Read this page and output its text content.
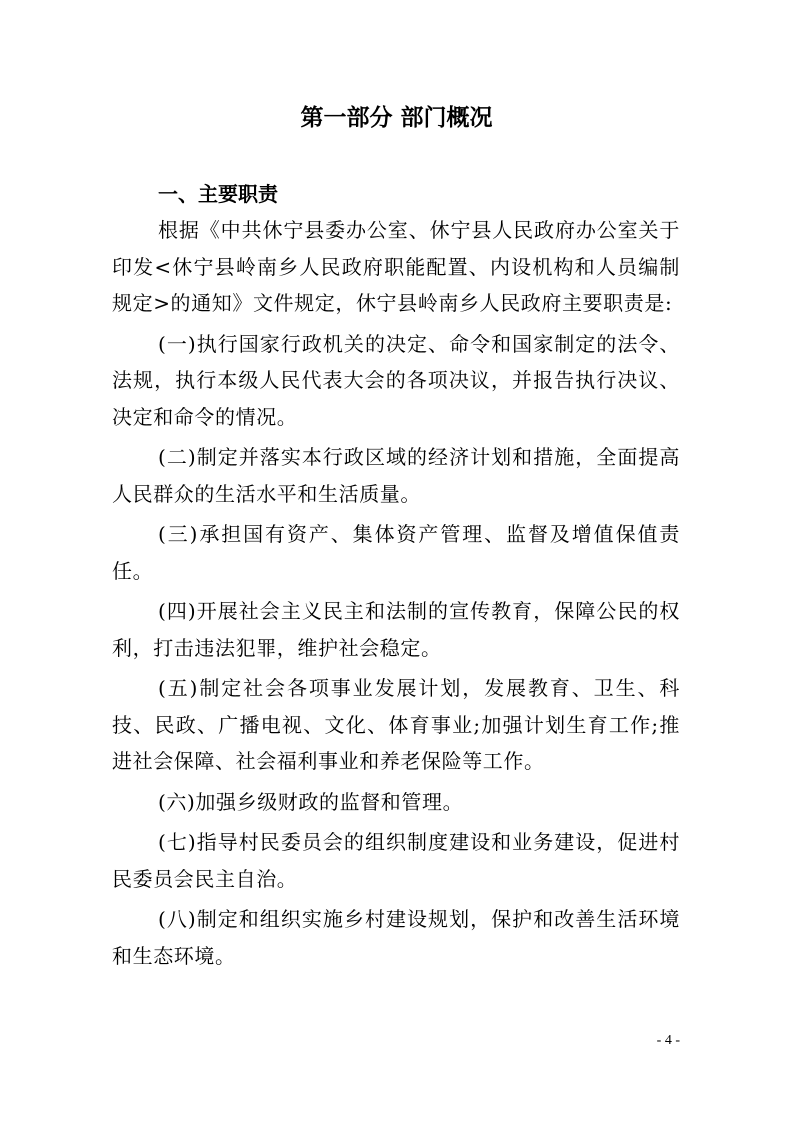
第一部分 部门概况
一、主要职责

根据《中共休宁县委办公室、休宁县人民政府办公室关于印发<休宁县岭南乡人民政府职能配置、内设机构和人员编制规定>的通知》文件规定，休宁县岭南乡人民政府主要职责是:

(一)执行国家行政机关的决定、命令和国家制定的法令、法规，执行本级人民代表大会的各项决议，并报告执行决议、决定和命令的情况。

(二)制定并落实本行政区域的经济计划和措施，全面提高人民群众的生活水平和生活质量。

(三)承担国有资产、集体资产管理、监督及增值保值责任。

(四)开展社会主义民主和法制的宣传教育，保障公民的权利，打击违法犯罪，维护社会稳定。

(五)制定社会各项事业发展计划，发展教育、卫生、科技、民政、广播电视、文化、体育事业;加强计划生育工作;推进社会保障、社会福利事业和养老保险等工作。

(六)加强乡级财政的监督和管理。

(七)指导村民委员会的组织制度建设和业务建设，促进村民委员会民主自治。

(八)制定和组织实施乡村建设规划，保护和改善生活环境和生态环境。

- 4 -
